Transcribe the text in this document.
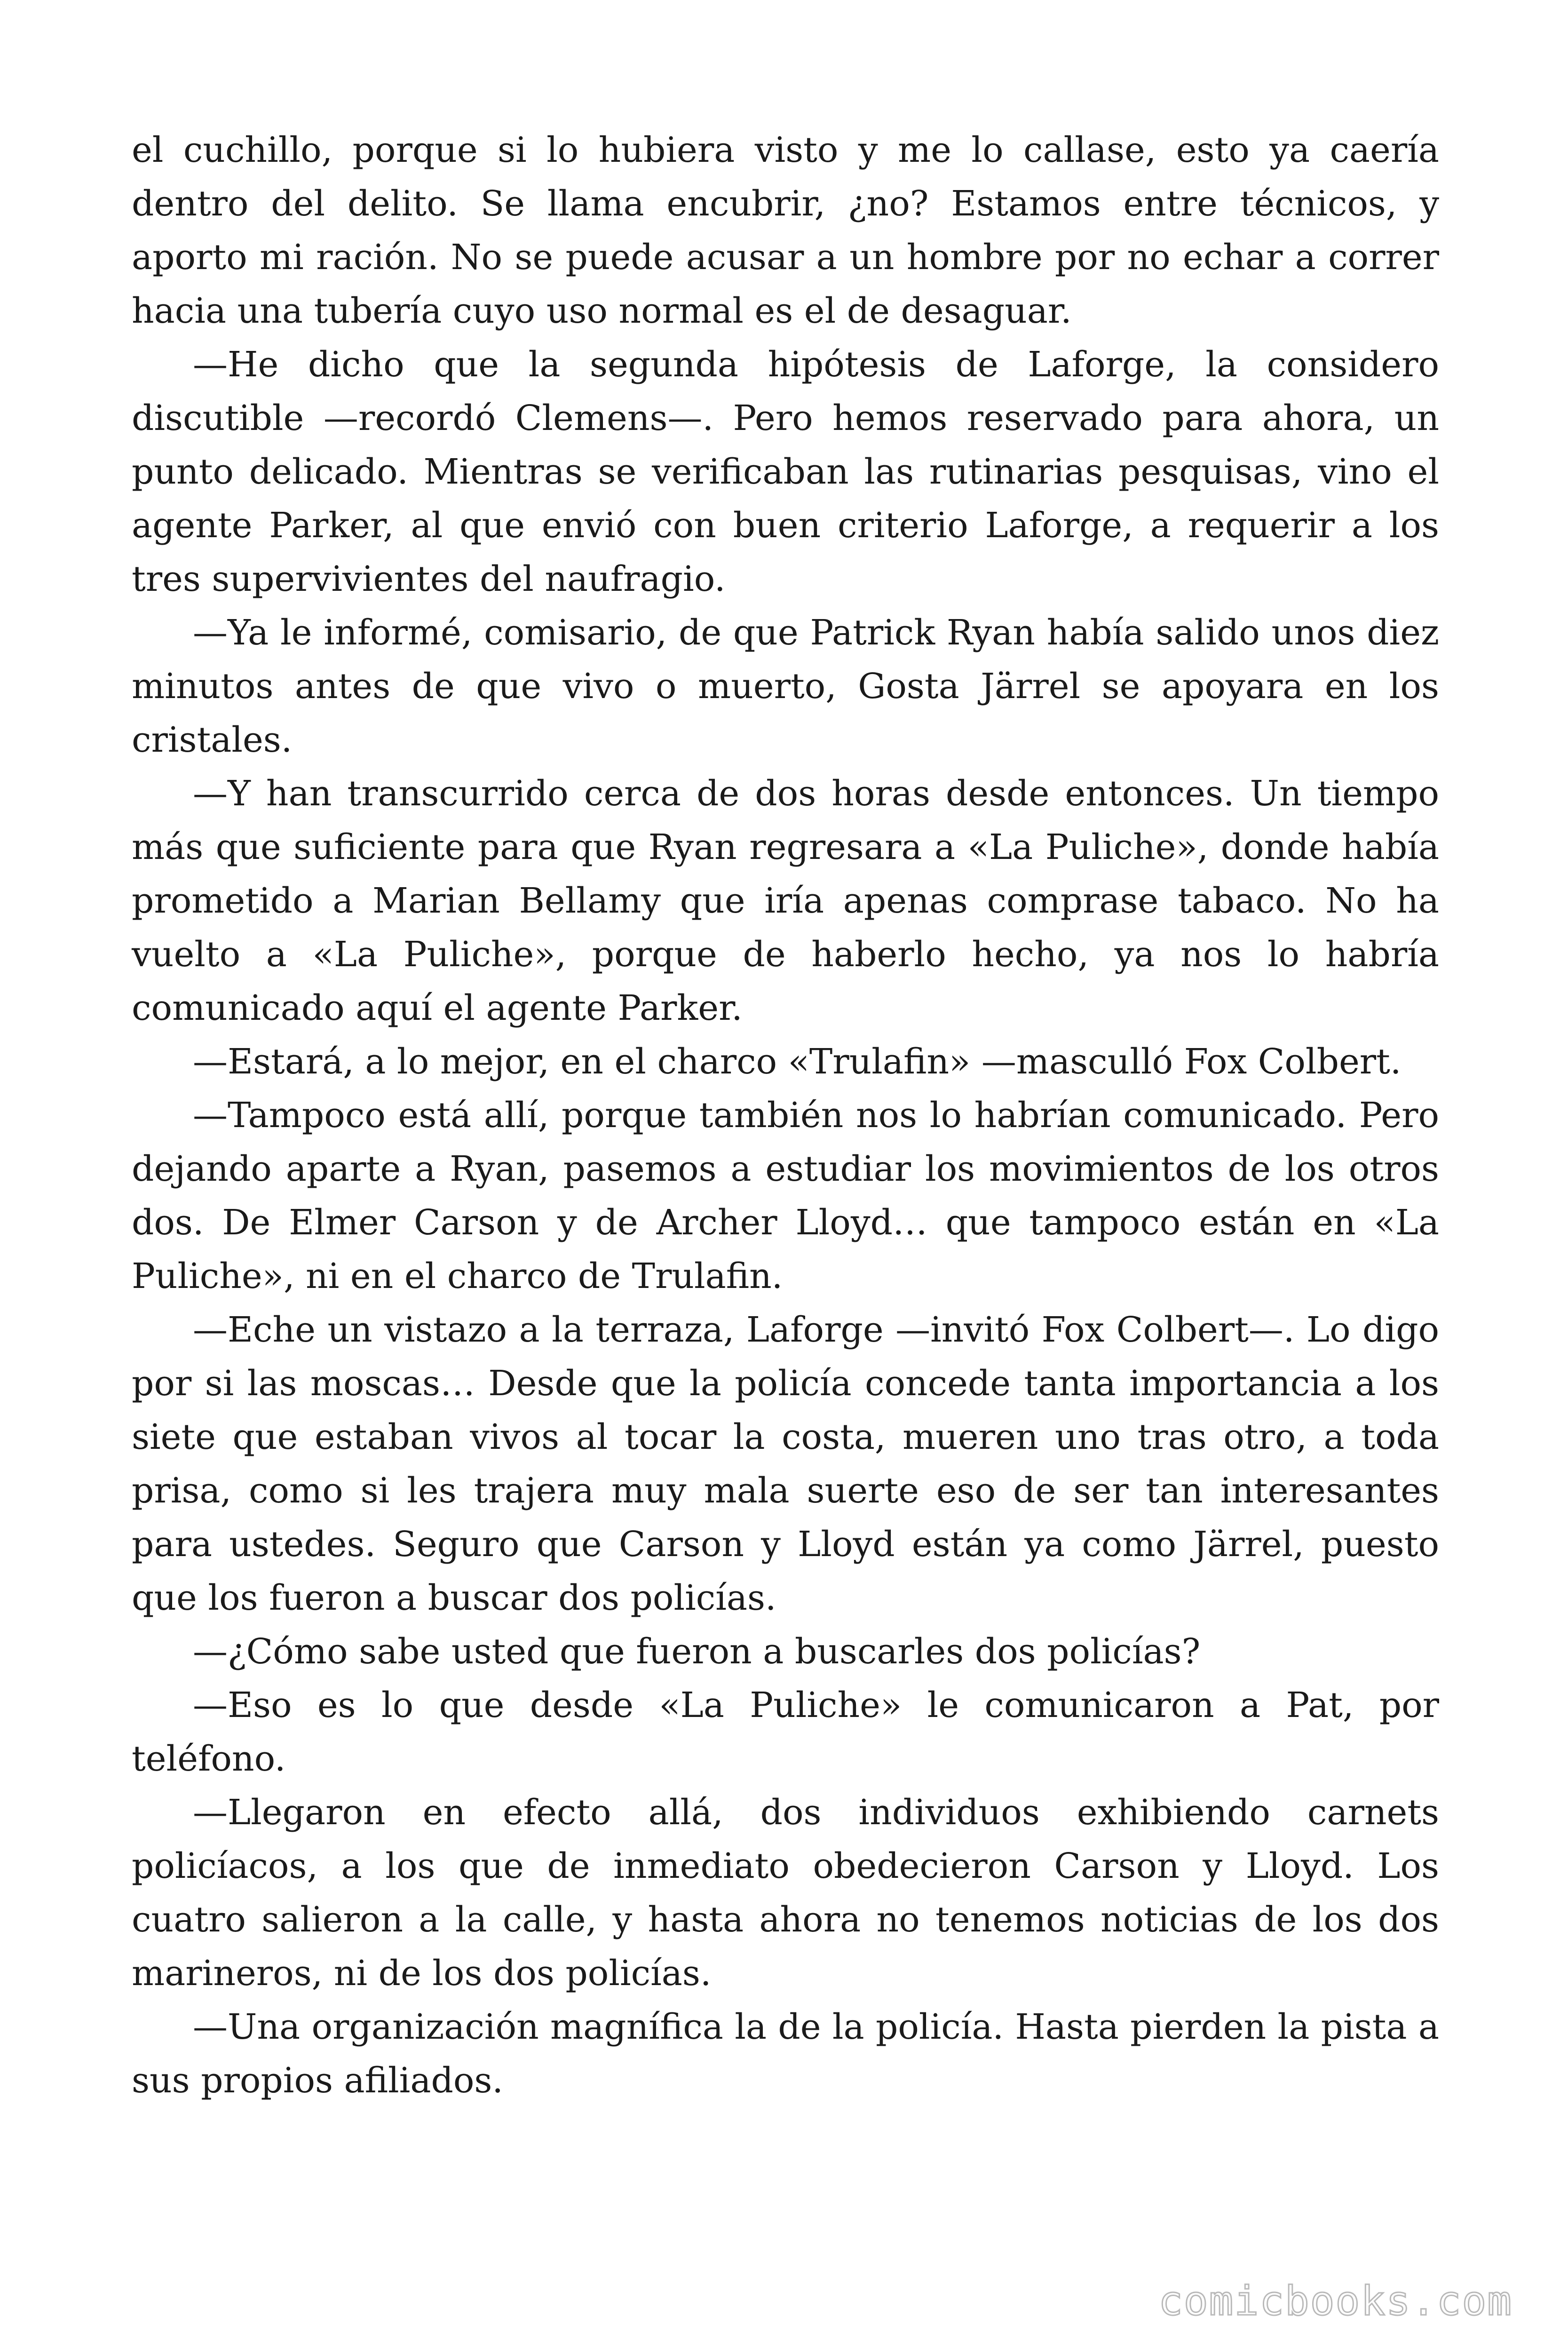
el cuchillo, porque si lo hubiera visto y me lo callase, esto ya caería dentro del delito. Se llama encubrir, ¿no? Estamos entre técnicos, y aporto mi ración. No se puede acusar a un hombre por no echar a correr hacia una tubería cuyo uso normal es el de desaguar.

—He dicho que la segunda hipótesis de Laforge, la considero discutible —recordó Clemens—. Pero hemos reservado para ahora, un punto delicado. Mientras se verificaban las rutinarias pesquisas, vino el agente Parker, al que envió con buen criterio Laforge, a requerir a los tres supervivientes del naufragio.

—Ya le informé, comisario, de que Patrick Ryan había salido unos diez minutos antes de que vivo o muerto, Gosta Järrel se apoyara en los cristales.

—Y han transcurrido cerca de dos horas desde entonces. Un tiempo más que suficiente para que Ryan regresara a «La Puliche», donde había prometido a Marian Bellamy que iría apenas comprase tabaco. No ha vuelto a «La Puliche», porque de haberlo hecho, ya nos lo habría comunicado aquí el agente Parker.

—Estará, a lo mejor, en el charco «Trulafin» —masculló Fox Colbert.

—Tampoco está allí, porque también nos lo habrían comunicado. Pero dejando aparte a Ryan, pasemos a estudiar los movimientos de los otros dos. De Elmer Carson y de Archer Lloyd… que tampoco están en «La Puliche», ni en el charco de Trulafin.

—Eche un vistazo a la terraza, Laforge —invitó Fox Colbert—. Lo digo por si las moscas… Desde que la policía concede tanta importancia a los siete que estaban vivos al tocar la costa, mueren uno tras otro, a toda prisa, como si les trajera muy mala suerte eso de ser tan interesantes para ustedes. Seguro que Carson y Lloyd están ya como Järrel, puesto que los fueron a buscar dos policías.

—¿Cómo sabe usted que fueron a buscarles dos policías?

—Eso es lo que desde «La Puliche» le comunicaron a Pat, por teléfono.

—Llegaron en efecto allá, dos individuos exhibiendo carnets policíacos, a los que de inmediato obedecieron Carson y Lloyd. Los cuatro salieron a la calle, y hasta ahora no tenemos noticias de los dos marineros, ni de los dos policías.

—Una organización magnífica la de la policía. Hasta pierden la pista a sus propios afiliados.

comicbooks.com
